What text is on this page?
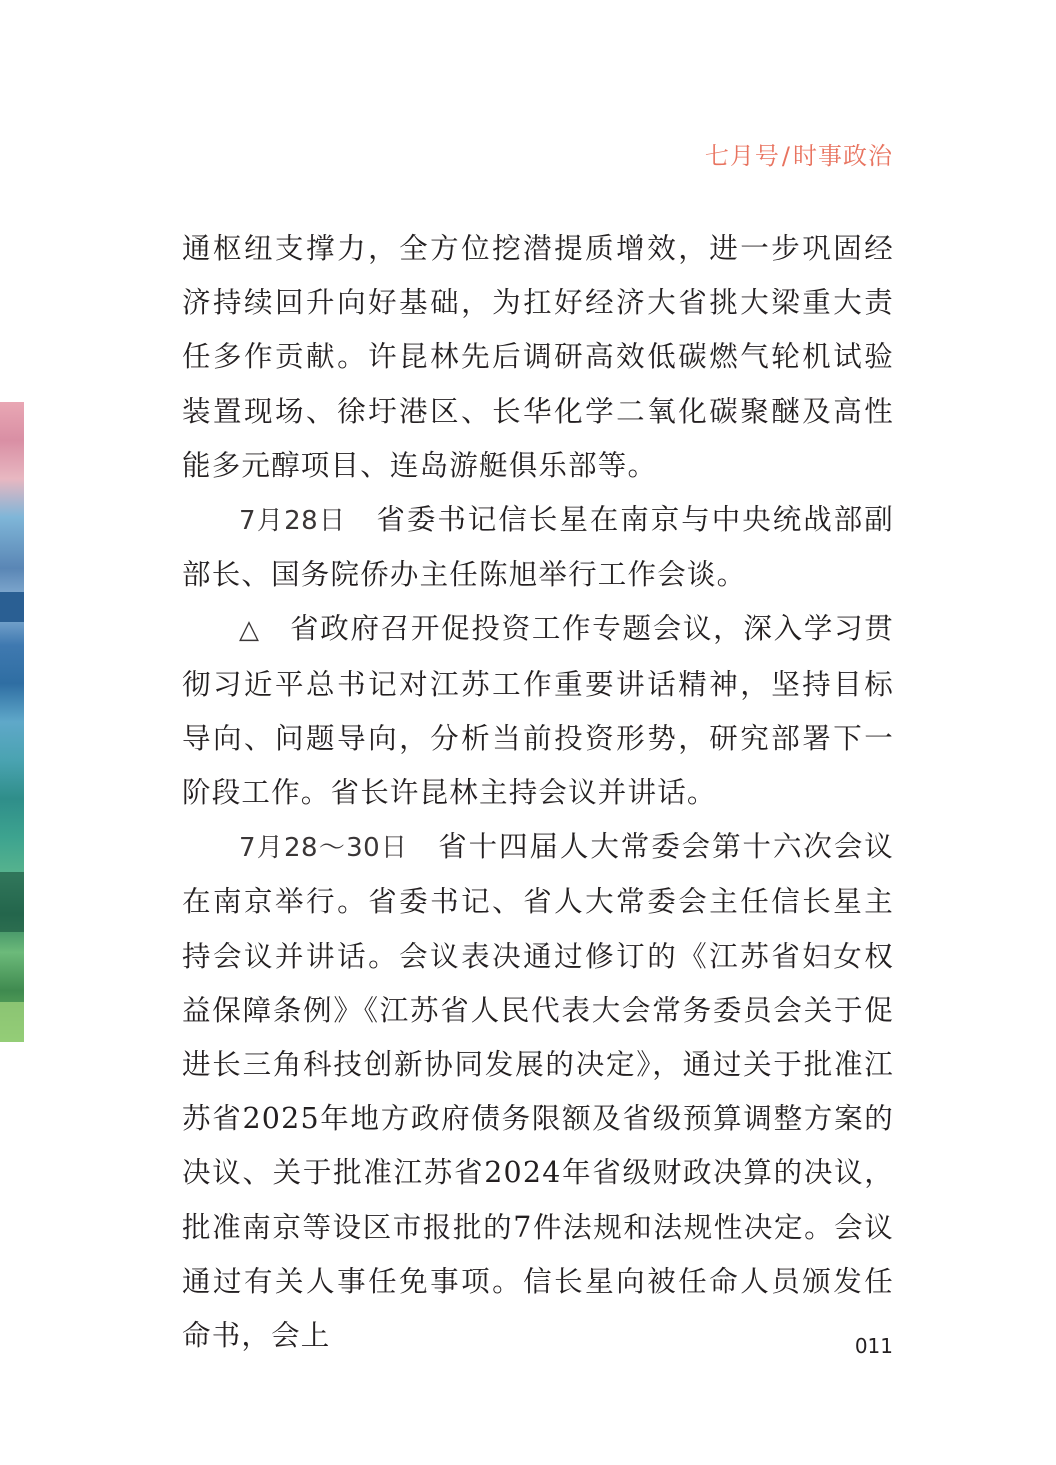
七月号/时事政治

通枢纽支撑力，全方位挖潜提质增效，进一步巩固经济持续回升向好基础，为扛好经济大省挑大梁重大责任多作贡献。许昆林先后调研高效低碳燃气轮机试验装置现场、徐圩港区、长华化学二氧化碳聚醚及高性能多元醇项目、连岛游艇俱乐部等。

7月28日 省委书记信长星在南京与中央统战部副部长、国务院侨办主任陈旭举行工作会谈。

△ 省政府召开促投资工作专题会议，深入学习贯彻习近平总书记对江苏工作重要讲话精神，坚持目标导向、问题导向，分析当前投资形势，研究部署下一阶段工作。省长许昆林主持会议并讲话。

7月28～30日 省十四届人大常委会第十六次会议在南京举行。省委书记、省人大常委会主任信长星主持会议并讲话。会议表决通过修订的《江苏省妇女权益保障条例》《江苏省人民代表大会常务委员会关于促进长三角科技创新协同发展的决定》，通过关于批准江苏省2025年地方政府债务限额及省级预算调整方案的决议、关于批准江苏省2024年省级财政决算的决议，批准南京等设区市报批的7件法规和法规性决定。会议通过有关人事任免事项。信长星向被任命人员颁发任命书，会上	011
